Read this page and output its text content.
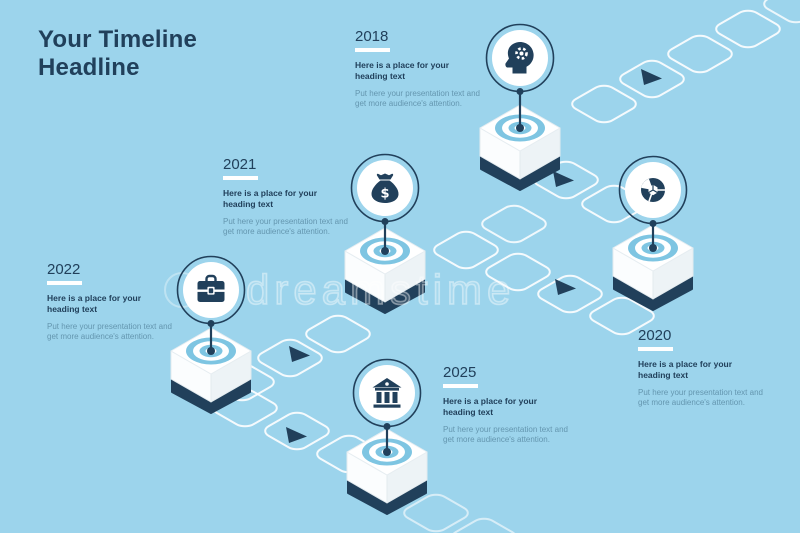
$
Your Timeline
Headline
2018
Here is a place for your heading text
Put here your presentation text and get more audience's attention.
2020
Here is a place for your heading text
Put here your presentation text and get more audience's attention.
2021
Here is a place for your heading text
Put here your presentation text and get more audience's attention.
2022
Here is a place for your heading text
Put here your presentation text and get more audience's attention.
2025
Here is a place for your heading text
Put here your presentation text and get more audience's attention.
